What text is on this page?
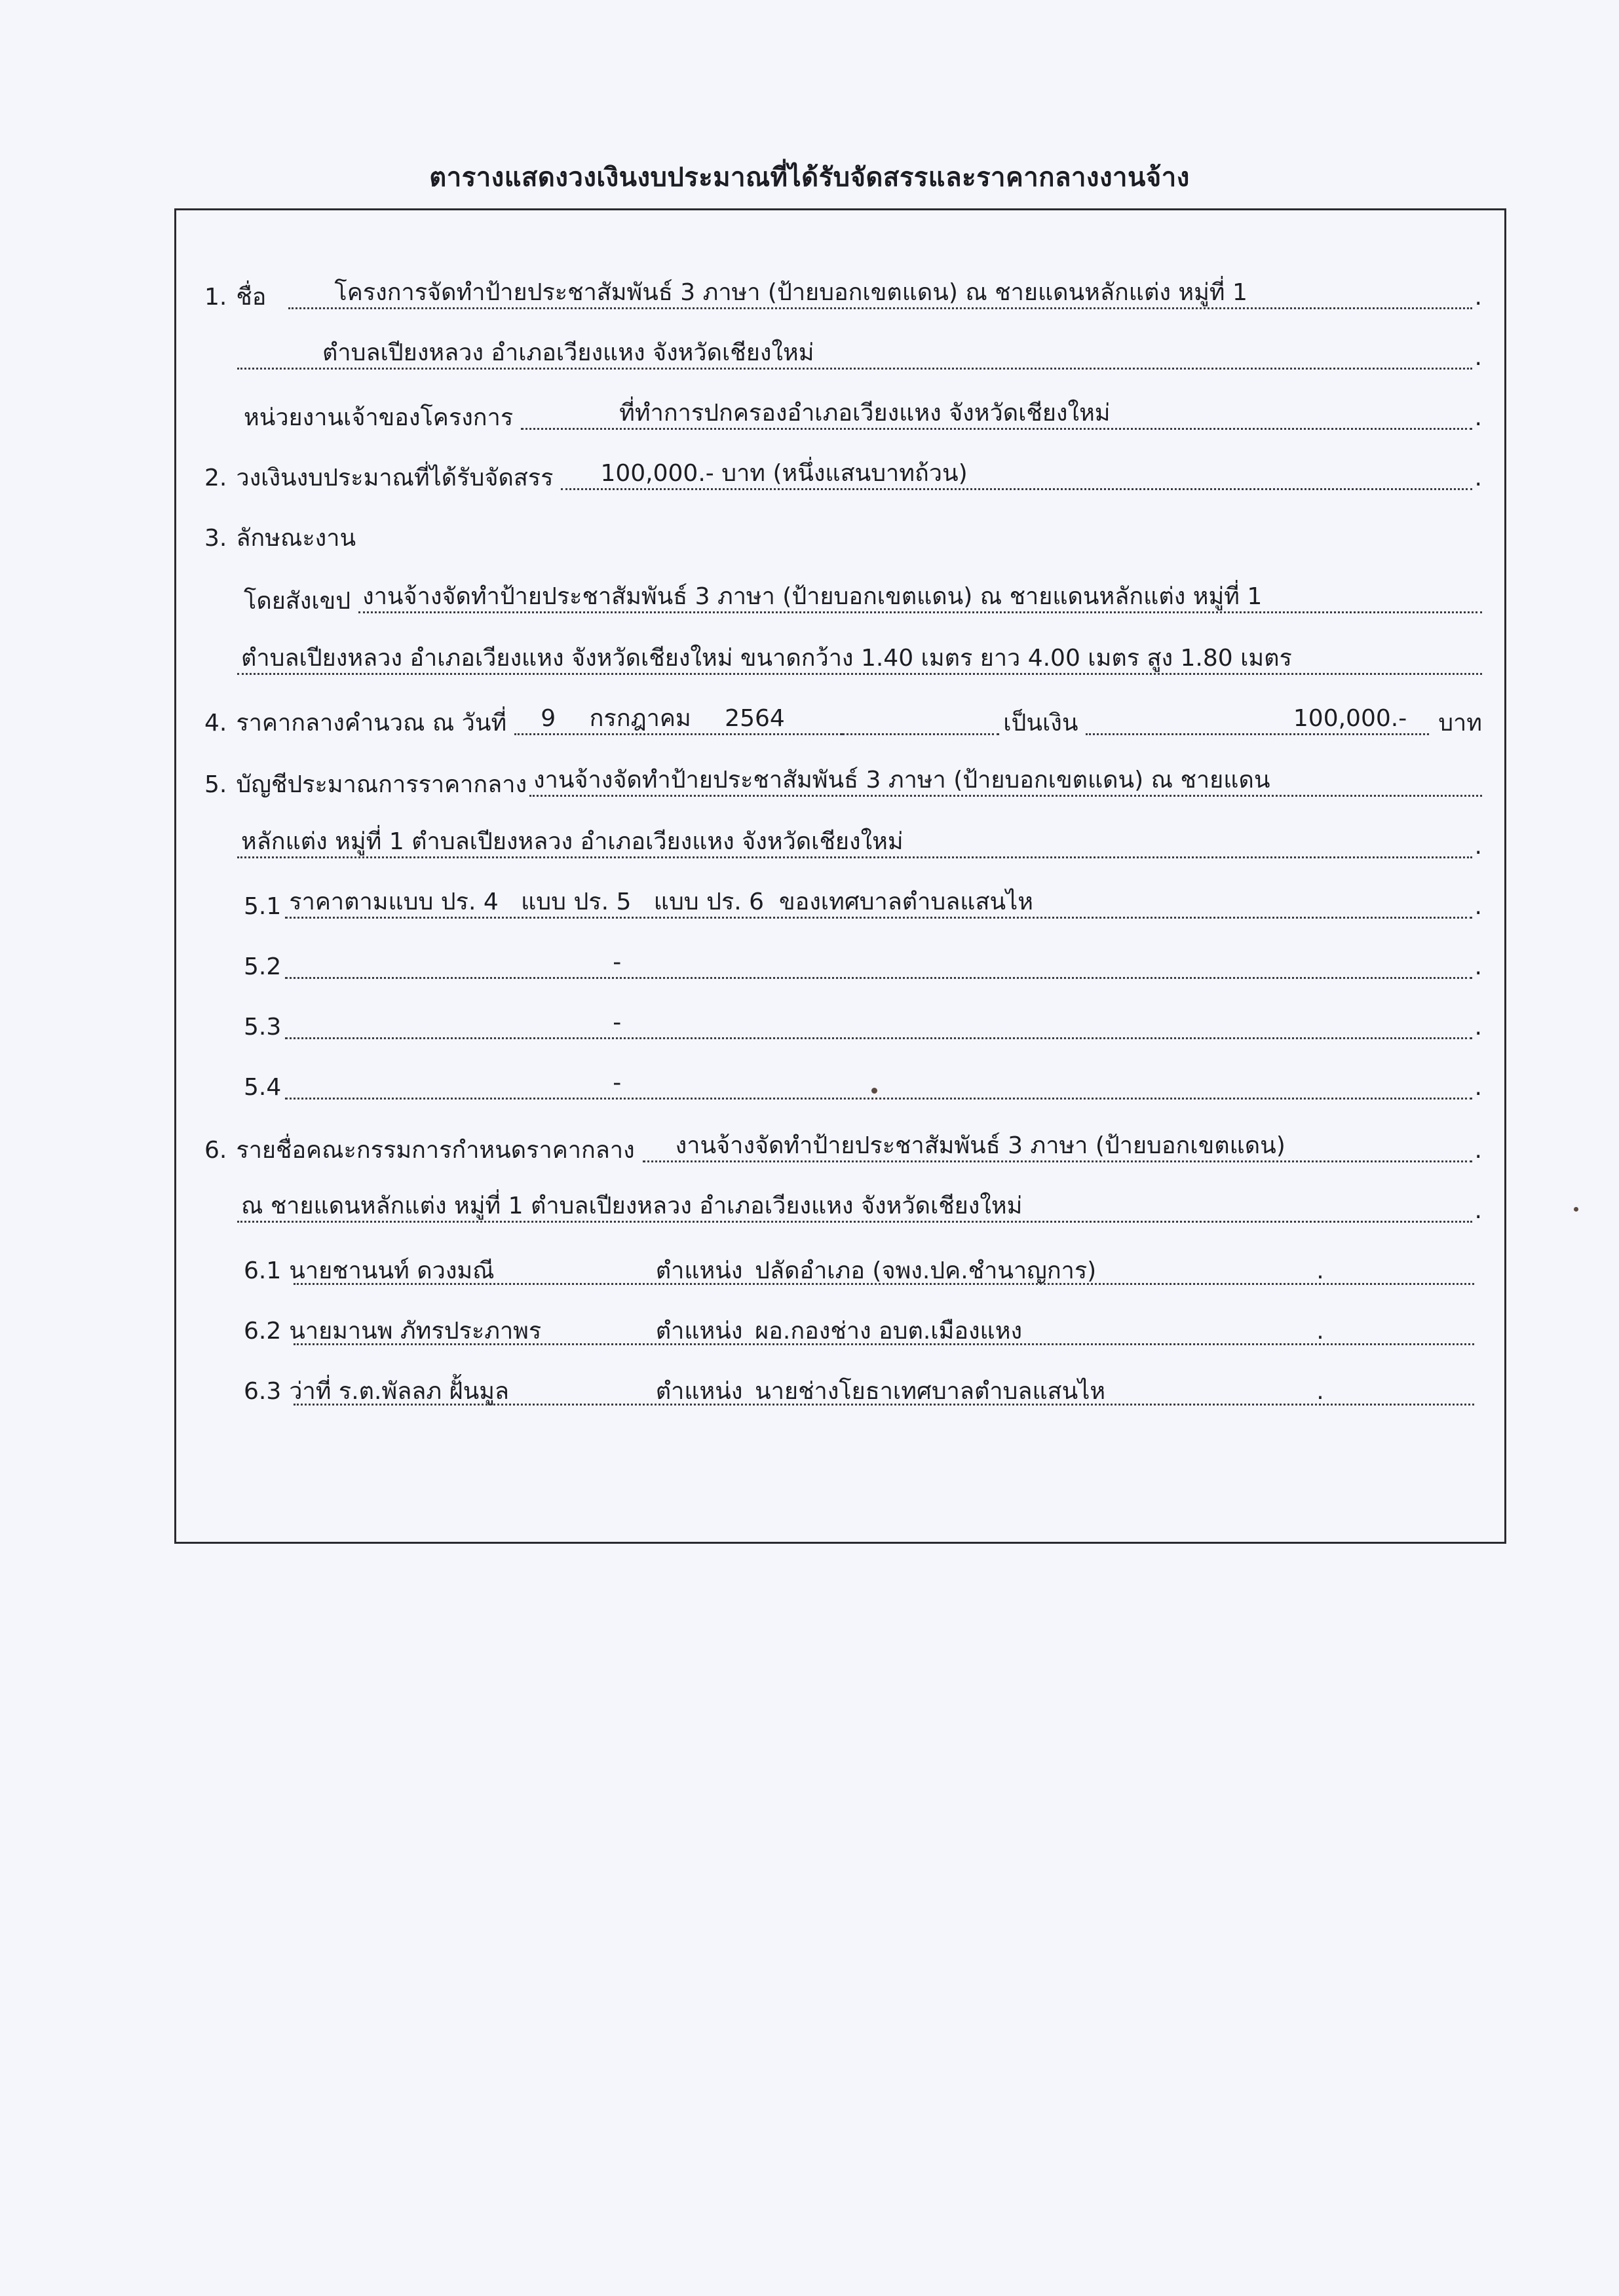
ตารางแสดงวงเงินงบประมาณที่ได้รับจัดสรรและราคากลางงานจ้าง
1. ชื่อ	โครงการจัดทำป้ายประชาสัมพันธ์ 3 ภาษา (ป้ายบอกเขตแดน) ณ ชายแดนหลักแต่ง หมู่ที่ 1	.
ตำบลเปียงหลวง อำเภอเวียงแหง จังหวัดเชียงใหม่	.
หน่วยงานเจ้าของโครงการ	ที่ทำการปกครองอำเภอเวียงแหง จังหวัดเชียงใหม่	.
2. วงเงินงบประมาณที่ได้รับจัดสรร	100,000.- บาท (หนึ่งแสนบาทถ้วน)	.
3. ลักษณะงาน
โดยสังเขป งานจ้างจัดทำป้ายประชาสัมพันธ์ 3 ภาษา (ป้ายบอกเขตแดน) ณ ชายแดนหลักแต่ง หมู่ที่ 1
ตำบลเปียงหลวง อำเภอเวียงแหง จังหวัดเชียงใหม่ ขนาดกว้าง 1.40 เมตร ยาว 4.00 เมตร สูง 1.80 เมตร
4. ราคากลางคำนวณ ณ วันที่	9 กรกฎาคม 2564	เป็นเงิน	100,000.-	บาท
5. บัญชีประมาณการราคากลาง งานจ้างจัดทำป้ายประชาสัมพันธ์ 3 ภาษา (ป้ายบอกเขตแดน) ณ ชายแดน
หลักแต่ง หมู่ที่ 1 ตำบลเปียงหลวง อำเภอเวียงแหง จังหวัดเชียงใหม่	.
5.1 ราคาตามแบบ ปร. 4   แบบ ปร. 5   แบบ ปร. 6  ของเทศบาลตำบลแสนไห	.
5.2	-	.
5.3	-	.
5.4	-	.
6. รายชื่อคณะกรรมการกำหนดราคากลาง	งานจ้างจัดทำป้ายประชาสัมพันธ์ 3 ภาษา (ป้ายบอกเขตแดน)	.
ณ ชายแดนหลักแต่ง หมู่ที่ 1 ตำบลเปียงหลวง อำเภอเวียงแหง จังหวัดเชียงใหม่	.
6.1 นายชานนท์ ดวงมณี	ตำแหน่ง ปลัดอำเภอ (จพง.ปค.ชำนาญการ)	.
6.2 นายมานพ ภัทรประภาพร	ตำแหน่ง ผอ.กองช่าง อบต.เมืองแหง	.
6.3 ว่าที่ ร.ต.พัลลภ ฝั้นมูล	ตำแหน่ง นายช่างโยธาเทศบาลตำบลแสนไห	.
